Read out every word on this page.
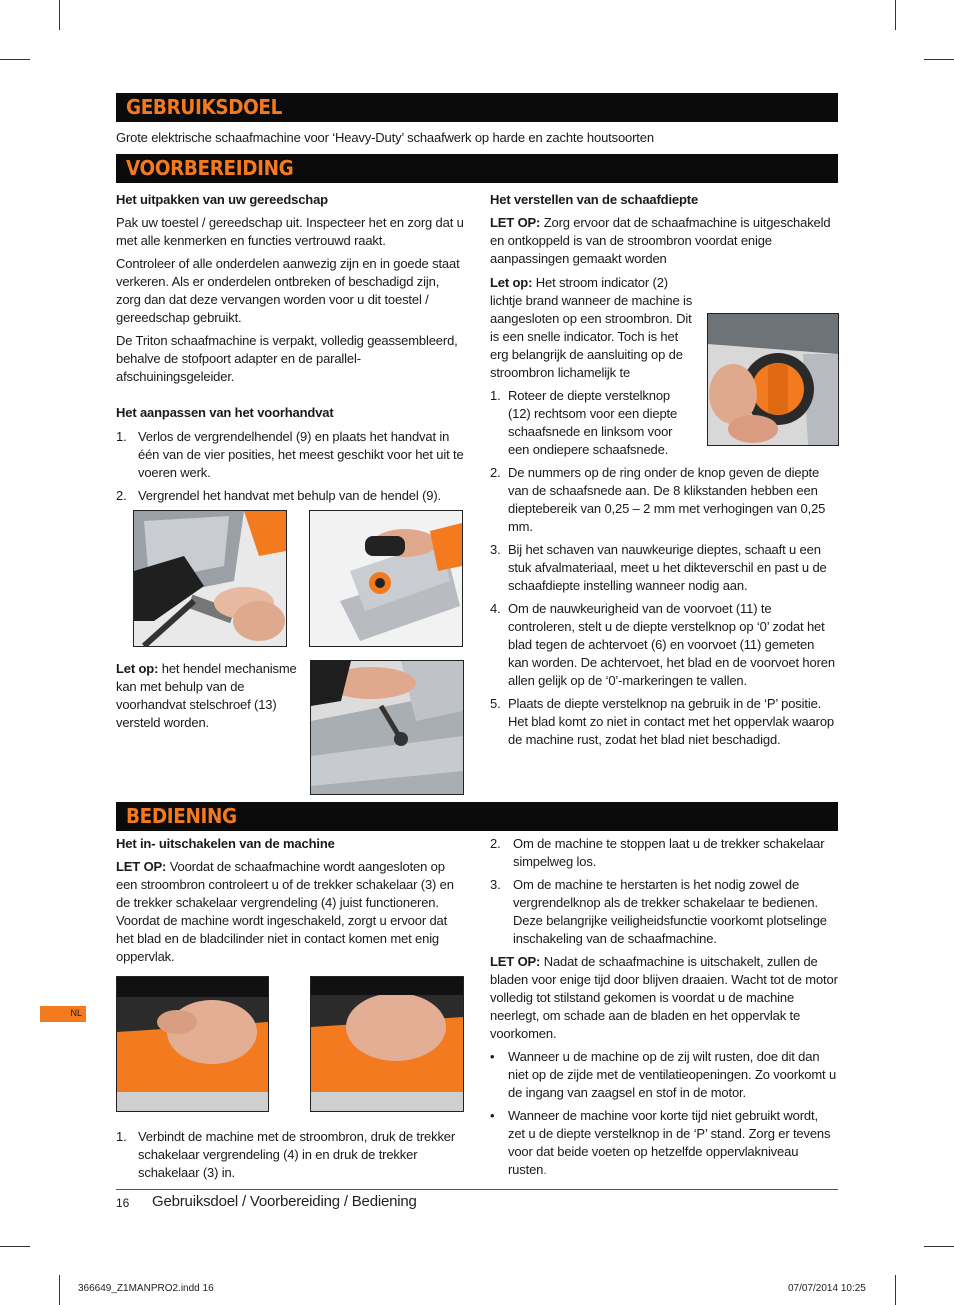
GEBRUIKSDOEL

Grote elektrische schaafmachine voor ‘Heavy-Duty’ schaafwerk op harde en zachte houtsoorten

VOORBEREIDING

Het uitpakken van uw gereedschap

Pak uw toestel / gereedschap uit. Inspecteer het en zorg dat u met alle kenmerken en functies vertrouwd raakt.

Controleer of alle onderdelen aanwezig zijn en in goede staat verkeren. Als er onderdelen ontbreken of beschadigd zijn, zorg dan dat deze vervangen worden voor u dit toestel / gereedschap gebruikt.

De Triton schaafmachine is verpakt, volledig geassembleerd, behalve de stofpoort adapter en de parallel- afschuiningsgeleider.

Het aanpassen van het voorhandvat

1. Verlos de vergrendelhendel (9) en plaats het handvat in één van de vier posities, het meest geschikt voor het uit te voeren werk.
2. Vergrendel het handvat met behulp van de hendel (9).

Let op: het hendel mechanisme kan met behulp van de voorhandvat stelschroef (13) versteld worden.

Het verstellen van de schaafdiepte

LET OP: Zorg ervoor dat de schaafmachine is uitgeschakeld en ontkoppeld is van de stroombron voordat enige aanpassingen gemaakt worden

Let op: Het stroom indicator (2) lichtje brand wanneer de machine is aangesloten op een stroombron. Dit is een snelle indicator. Toch is het erg belangrijk de aansluiting op de stroombron lichamelijk te

1. Roteer de diepte verstelknop (12) rechtsom voor een diepte schaafsnede en linksom voor een ondiepere schaafsnede.
2. De nummers op de ring onder de knop geven de diepte van de schaafsnede aan. De 8 klikstanden hebben een dieptebereik van 0,25 – 2 mm met verhogingen van 0,25 mm.
3. Bij het schaven van nauwkeurige dieptes, schaaft u een stuk afvalmateriaal, meet u het dikteverschil en past u de schaafdiepte instelling wanneer nodig aan.
4. Om de nauwkeurigheid van de voorvoet (11) te controleren, stelt u de diepte verstelknop op ‘0’ zodat het blad tegen de achtervoet (6) en voorvoet (11) gemeten kan worden. De achtervoet, het blad en de voorvoet horen allen gelijk op de ‘0’-markeringen te vallen.
5. Plaats de diepte verstelknop na gebruik in de ‘P’ positie. Het blad komt zo niet in contact met het oppervlak waarop de machine rust, zodat het blad niet beschadigd.
BEDIENING

Het in- uitschakelen van de machine

LET OP: Voordat de schaafmachine wordt aangesloten op een stroombron controleert u of de trekker schakelaar (3) en de trekker schakelaar vergrendeling (4) juist functioneren. Voordat de machine wordt ingeschakeld, zorgt u ervoor dat het blad en de bladcilinder niet in contact komen met enig oppervlak.

1. Verbindt de machine met de stroombron, druk de trekker schakelaar vergrendeling (4) in en druk de trekker schakelaar (3) in.
2. Om de machine te stoppen laat u de trekker schakelaar simpelweg los.
3. Om de machine te herstarten is het nodig zowel de vergrendelknop als de trekker schakelaar te bedienen. Deze belangrijke veiligheidsfunctie voorkomt plotselinge inschakeling van de schaafmachine.

LET OP: Nadat de schaafmachine is uitschakelt, zullen de bladen voor enige tijd door blijven draaien. Wacht tot de motor volledig tot stilstand gekomen is voordat u de machine neerlegt, om schade aan de bladen en het oppervlak te voorkomen.

• Wanneer u de machine op de zij wilt rusten, doe dit dan niet op de zijde met de ventilatieopeningen. Zo voorkomt u de ingang van zaagsel en stof in de motor.
• Wanneer de machine voor korte tijd niet gebruikt wordt, zet u de diepte verstelknop in de ‘P’ stand. Zorg er tevens voor dat beide voeten op hetzelfde oppervlakniveau rusten.
NL
16 Gebruiksdoel / Voorbereiding / Bediening
366649_Z1MANPRO2.indd 16	07/07/2014 10:25
